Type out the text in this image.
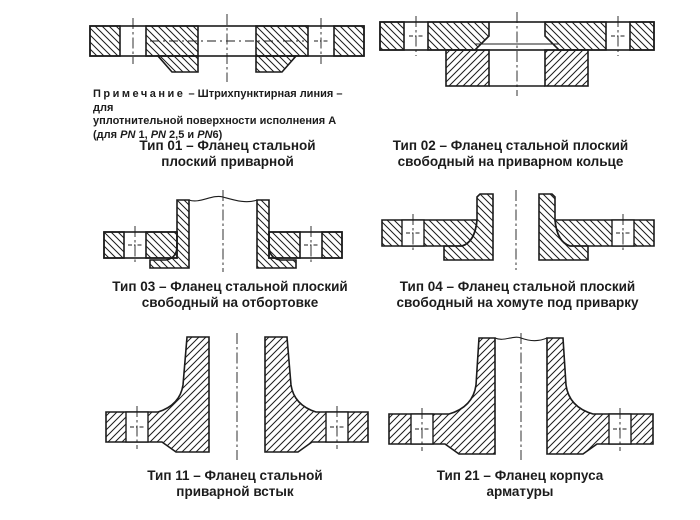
Примечание – Штрихпунктирная линия – для
уплотнительной поверхности исполнения А
(для PN 1, PN 2,5 и PN6)
Тип 01 – Фланец стальной
плоский приварной
Тип 02 – Фланец стальной плоский
свободный на приварном кольце
Тип 03 – Фланец стальной плоский
свободный на отбортовке
Тип 04 – Фланец стальной плоский
свободный на хомуте под приварку
Тип 11 – Фланец стальной
приварной встык
Тип 21 – Фланец корпуса
арматуры
